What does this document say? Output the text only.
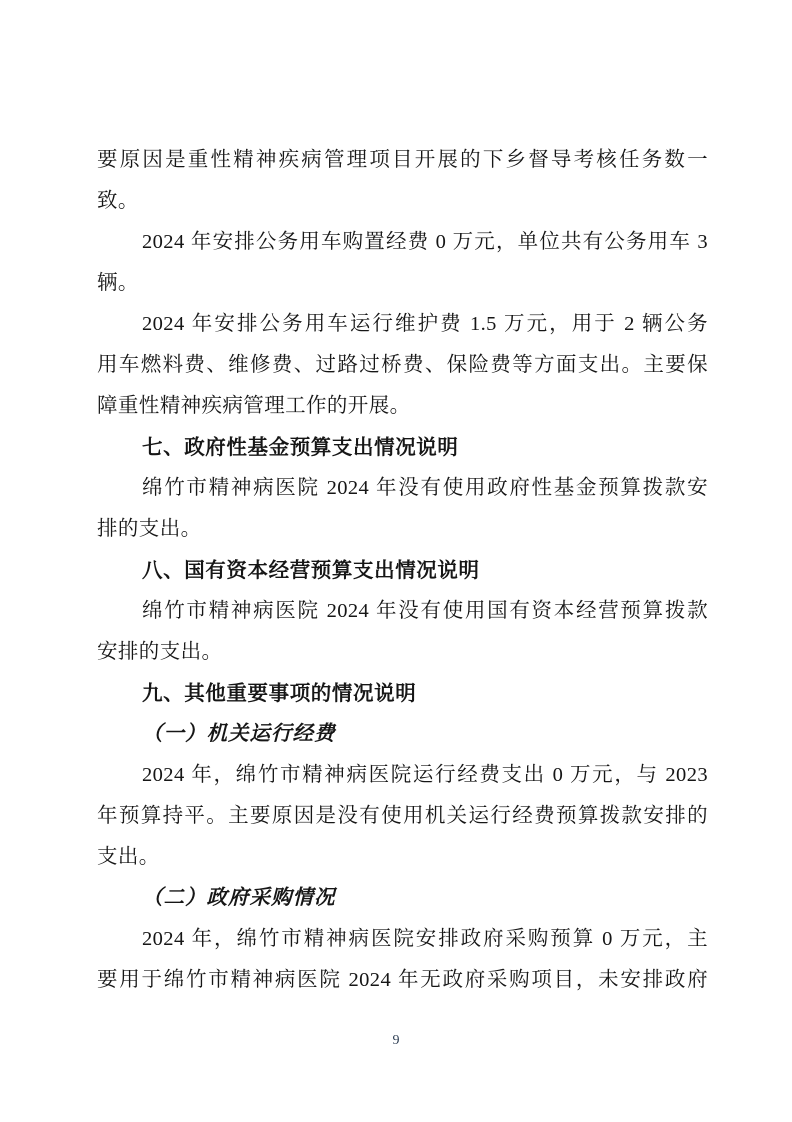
要原因是重性精神疾病管理项目开展的下乡督导考核任务数一
致。
2024 年安排公务用车购置经费 0 万元，单位共有公务用车 3
辆。
2024 年安排公务用车运行维护费 1.5 万元，用于 2 辆公务
用车燃料费、维修费、过路过桥费、保险费等方面支出。主要保
障重性精神疾病管理工作的开展。
七、政府性基金预算支出情况说明
绵竹市精神病医院 2024 年没有使用政府性基金预算拨款安
排的支出。
八、国有资本经营预算支出情况说明
绵竹市精神病医院 2024 年没有使用国有资本经营预算拨款
安排的支出。
九、其他重要事项的情况说明
（一）机关运行经费
2024 年，绵竹市精神病医院运行经费支出 0 万元，与 2023
年预算持平。主要原因是没有使用机关运行经费预算拨款安排的
支出。
（二）政府采购情况
2024 年，绵竹市精神病医院安排政府采购预算 0 万元，主
要用于绵竹市精神病医院 2024 年无政府采购项目，未安排政府
9
